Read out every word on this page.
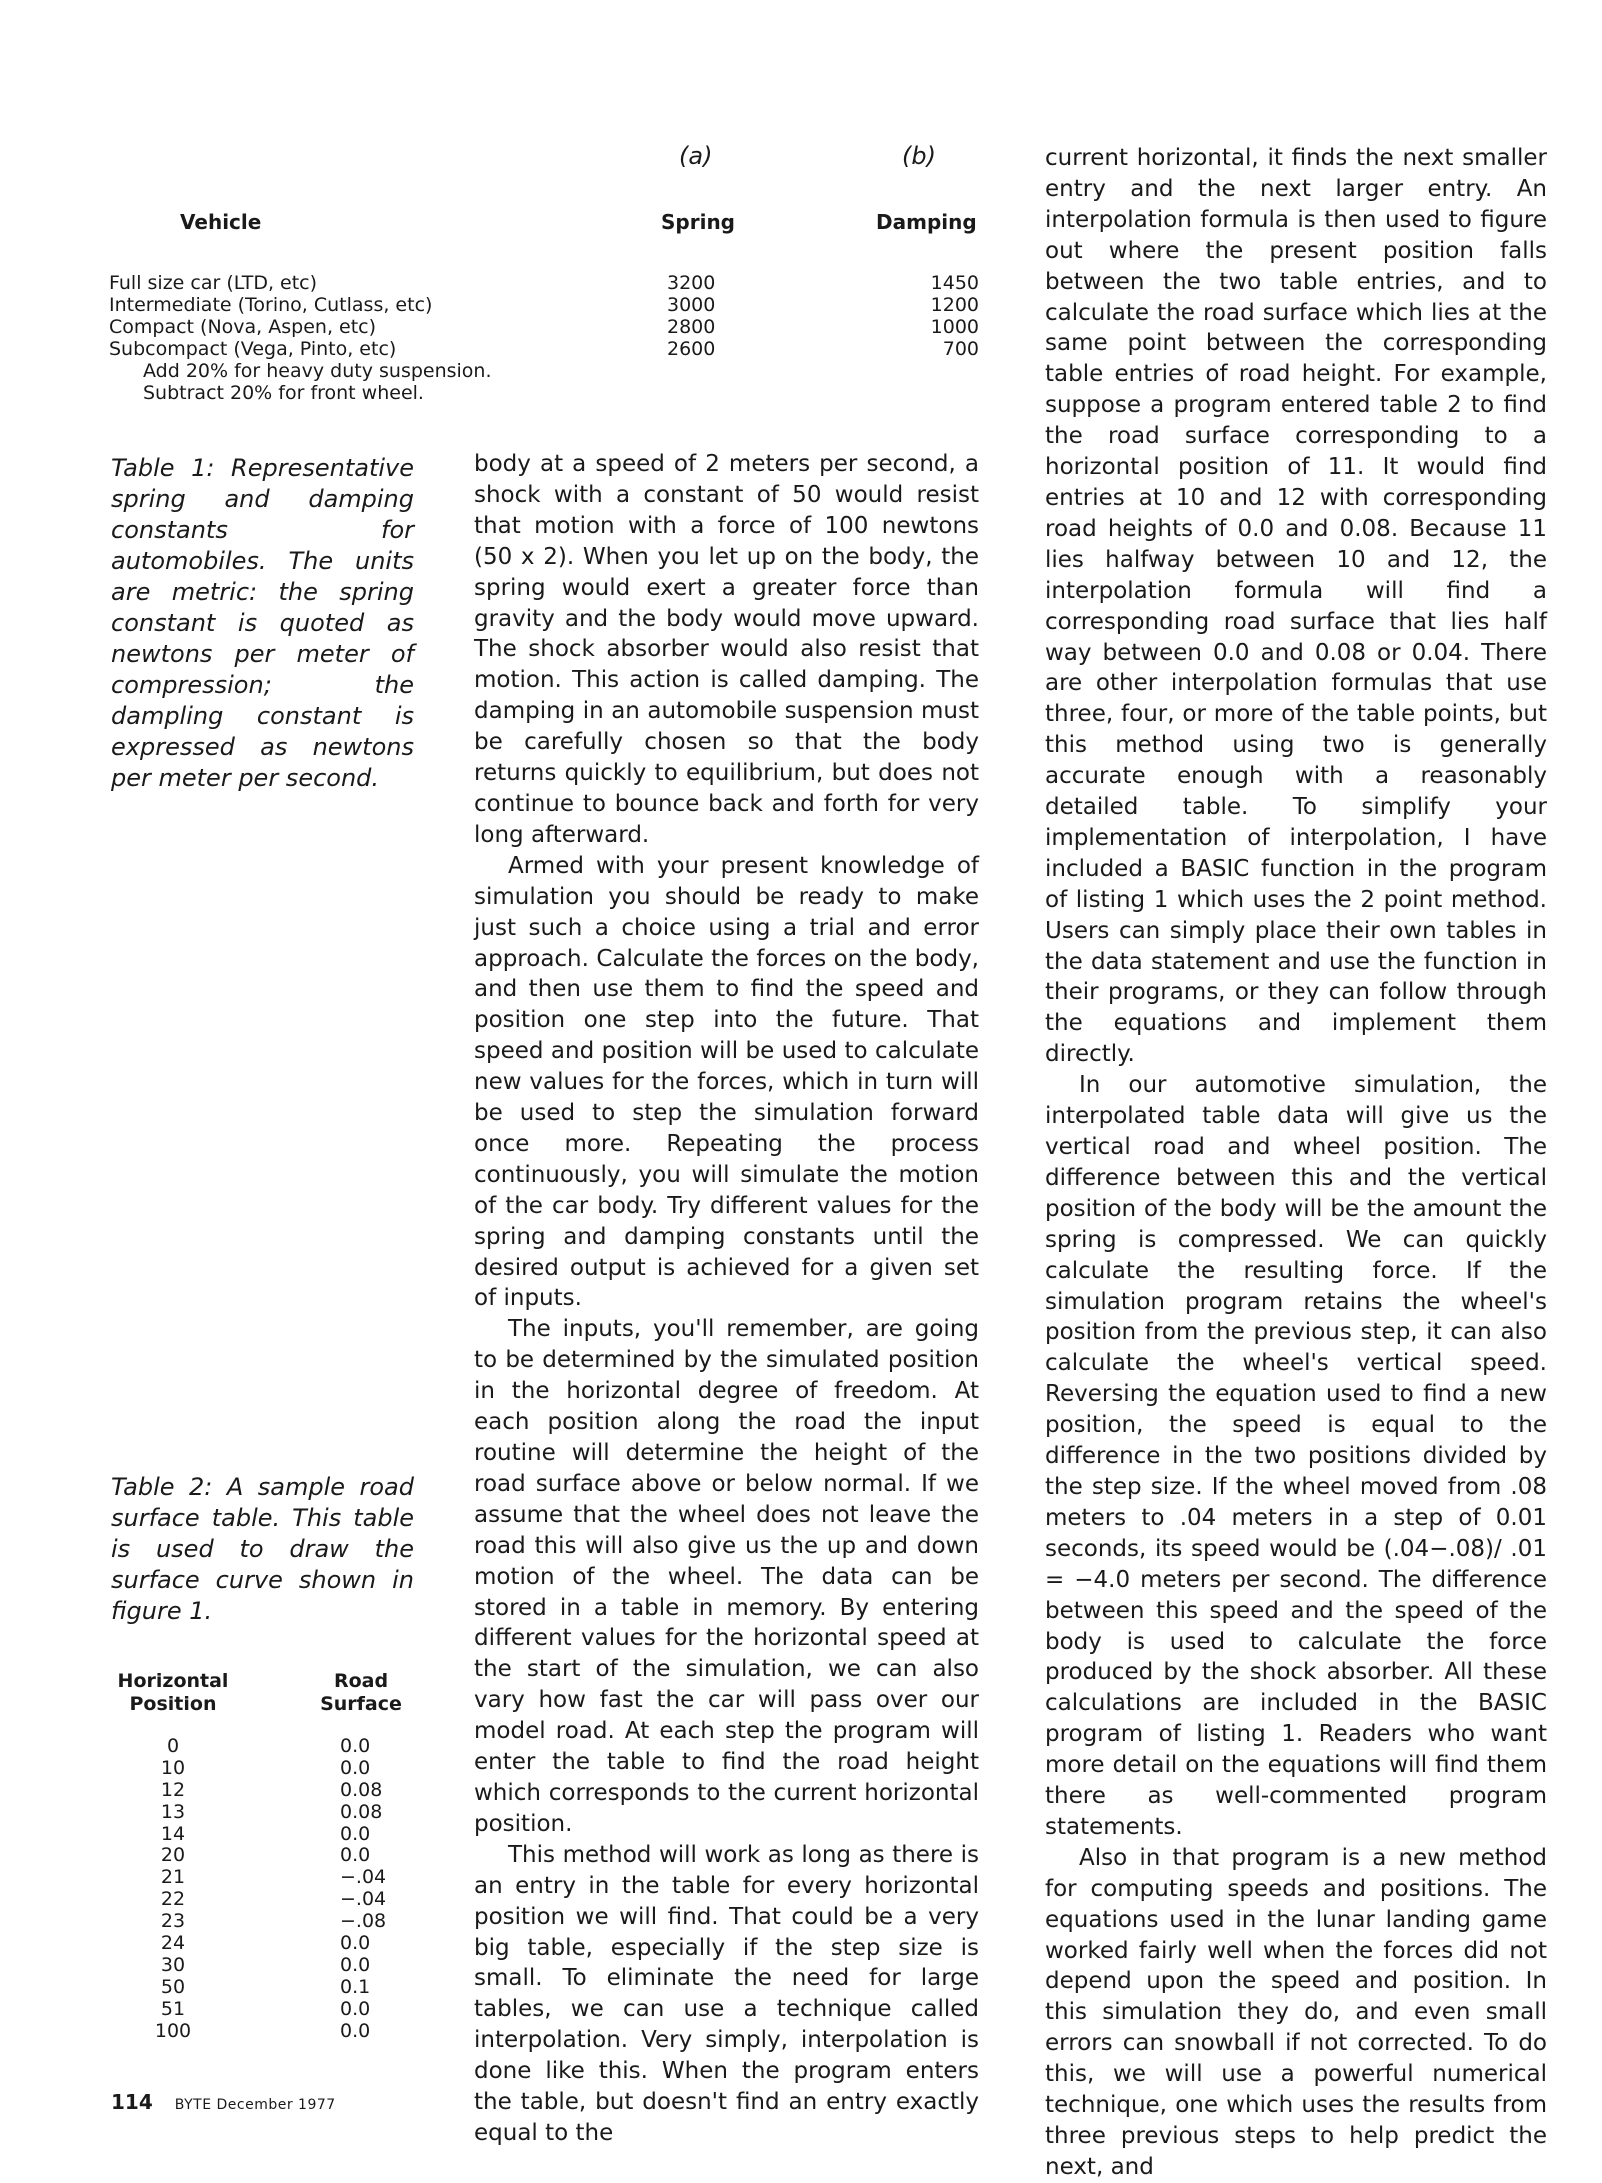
(a)	(b)
Vehicle	Spring	Damping
Full size car (LTD, etc)	3200	1450
Intermediate (Torino, Cutlass, etc)	3000	1200
Compact (Nova, Aspen, etc)	2800	1000
Subcompact (Vega, Pinto, etc)	2600	700
Add 20% for heavy duty suspension.
Subtract 20% for front wheel.
Table 1: Representative spring and damping constants for automobiles. The units are metric: the spring constant is quoted as newtons per meter of compression; the dampling constant is expressed as newtons per meter per second.
Table 2: A sample road surface table. This table is used to draw the surface curve shown in figure 1.
Horizontal Position
Road Surface
0	0.0
10	0.0
12	0.08
13	0.08
14	0.0
20	0.0
21	−.04
22	−.04
23	−.08
24	0.0
30	0.0
50	0.1
51	0.0
100	0.0

body at a speed of 2 meters per second, a shock with a constant of 50 would resist that motion with a force of 100 newtons (50 x 2). When you let up on the body, the spring would exert a greater force than gravity and the body would move upward. The shock absorber would also resist that motion. This action is called damping. The damping in an automobile suspension must be carefully chosen so that the body returns quickly to equilibrium, but does not continue to bounce back and forth for very long afterward.

Armed with your present knowledge of simulation you should be ready to make just such a choice using a trial and error approach. Calculate the forces on the body, and then use them to find the speed and position one step into the future. That speed and position will be used to calculate new values for the forces, which in turn will be used to step the simulation forward once more. Repeating the process continuously, you will simulate the motion of the car body. Try different values for the spring and damping constants until the desired output is achieved for a given set of inputs.

The inputs, you'll remember, are going to be determined by the simulated position in the horizontal degree of freedom. At each position along the road the input routine will determine the height of the road surface above or below normal. If we assume that the wheel does not leave the road this will also give us the up and down motion of the wheel. The data can be stored in a table in memory. By entering different values for the horizontal speed at the start of the simulation, we can also vary how fast the car will pass over our model road. At each step the program will enter the table to find the road height which corresponds to the current horizontal position.

This method will work as long as there is an entry in the table for every horizontal position we will find. That could be a very big table, especially if the step size is small. To eliminate the need for large tables, we can use a technique called interpolation. Very simply, interpolation is done like this. When the program enters the table, but doesn't find an entry exactly equal to the

current horizontal, it finds the next smaller entry and the next larger entry. An interpolation formula is then used to figure out where the present position falls between the two table entries, and to calculate the road surface which lies at the same point between the corresponding table entries of road height. For example, suppose a program entered table 2 to find the road surface corresponding to a horizontal position of 11. It would find entries at 10 and 12 with corresponding road heights of 0.0 and 0.08. Because 11 lies halfway between 10 and 12, the interpolation formula will find a corresponding road surface that lies half way between 0.0 and 0.08 or 0.04. There are other interpolation formulas that use three, four, or more of the table points, but this method using two is generally accurate enough with a reasonably detailed table. To simplify your implementation of interpolation, I have included a BASIC function in the program of listing 1 which uses the 2 point method. Users can simply place their own tables in the data statement and use the function in their programs, or they can follow through the equations and implement them directly.

In our automotive simulation, the interpolated table data will give us the vertical road and wheel position. The difference between this and the vertical position of the body will be the amount the spring is compressed. We can quickly calculate the resulting force. If the simulation program retains the wheel's position from the previous step, it can also calculate the wheel's vertical speed. Reversing the equation used to find a new position, the speed is equal to the difference in the two positions divided by the step size. If the wheel moved from .08 meters to .04 meters in a step of 0.01 seconds, its speed would be (.04−.08)/ .01 = −4.0 meters per second. The difference between this speed and the speed of the body is used to calculate the force produced by the shock absorber. All these calculations are included in the BASIC program of listing 1. Readers who want more detail on the equations will find them there as well-commented program statements.

Also in that program is a new method for computing speeds and positions. The equations used in the lunar landing game worked fairly well when the forces did not depend upon the speed and position. In this simulation they do, and even small errors can snowball if not corrected. To do this, we will use a powerful numerical technique, one which uses the results from three previous steps to help predict the next, and

114 BYTE December 1977
